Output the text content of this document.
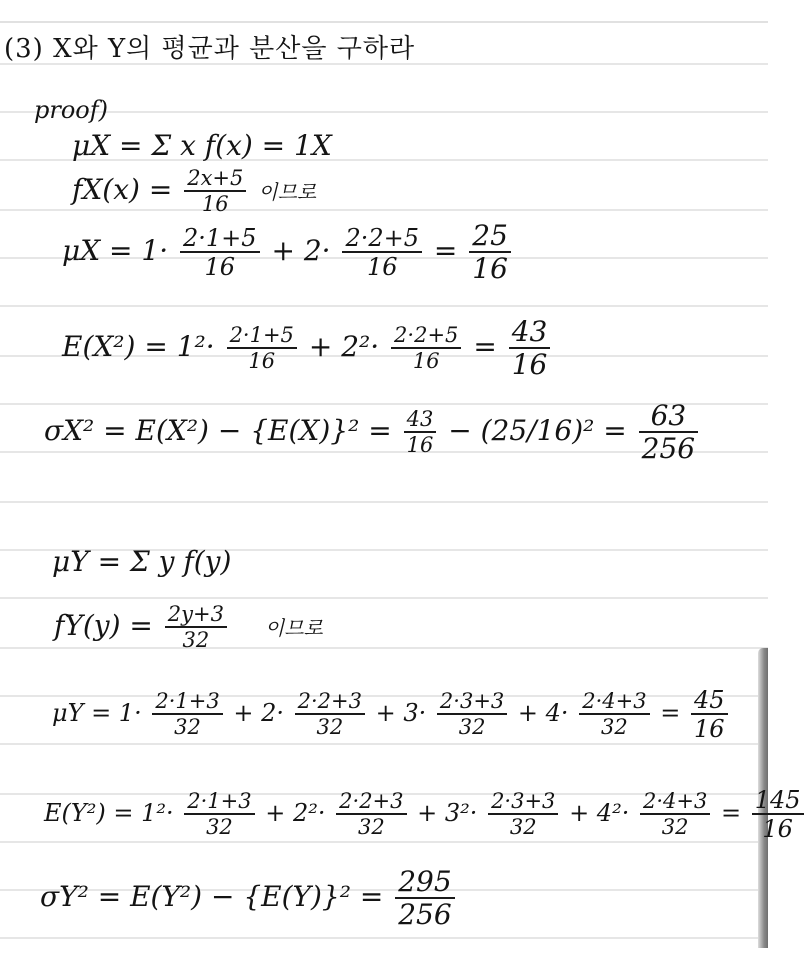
(3) X와 Y의 평균과 분산을 구하라
proof)
μX = Σ x f(x) = 1X
$fX(x) = \frac{2x+5}{16}$ 이므로
$\mu X = 1\cdot \frac{2\cdot 1+5}{16} + 2\cdot \frac{2\cdot 2+5}{16} = \frac{25}{16}$
$E(X^2) = 1^2\cdot \frac{2\cdot 1+5}{16} + 2^2\cdot \frac{2\cdot 2+5}{16} = \frac{43}{16}$
$\sigma X^2 = E(X^2) - \{E(X)\}^2 = \frac{43}{16} - (25/16)^2 = \frac{63}{256}$
μY = Σ y f(y)
$fY(y) = \frac{2y+3}{32}$ 이므로
$\mu Y = 1\cdot \frac{2\cdot 1+3}{32} + 2\cdot \frac{2\cdot 2+3}{32} + 3\cdot \frac{2\cdot 3+3}{32} + 4\cdot \frac{2\cdot 4+3}{32} = \frac{45}{16}$
$E(Y^2) = 1^2\cdot \frac{2\cdot 1+3}{32} + 2^2\cdot \frac{2\cdot 2+3}{32} + 3^2\cdot \frac{2\cdot 3+3}{32} + 4^2\cdot \frac{2\cdot 4+3}{32} = \frac{145}{16}$
$\sigma Y^2 = E(Y^2) - \{E(Y)\}^2 = \frac{295}{256}$
